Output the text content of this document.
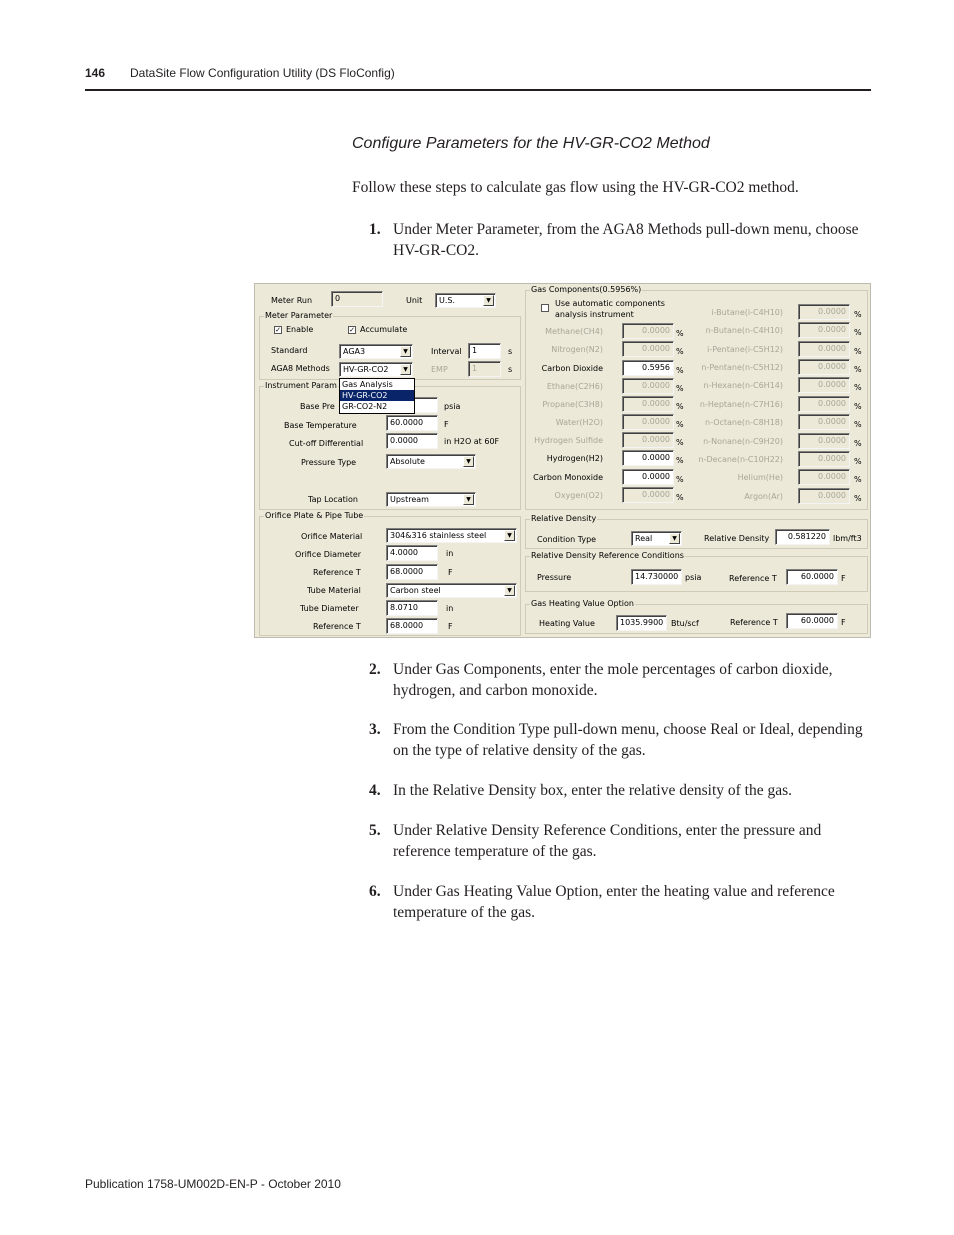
146 DataSite Flow Configuration Utility (DS FloConfig)
Configure Parameters for the HV-GR-CO2 Method
Follow these steps to calculate gas flow using the HV-GR-CO2 method.
1. Under Meter Parameter, from the AGA8 Methods pull-down menu, choose HV-GR-CO2.
Meter Run	0	Unit	U.S.	▼
Meter Parameter
✓ Enable	✓ Accumulate
Standard	AGA3	▼	Interval	1	s
AGA8 Methods	HV-GR-CO2	▼	EMP	1	s
Instrument Param
Base Pre	psia
Base Temperature	60.0000	F
Cut-off Differential	0.0000	in H2O at 60F
Pressure Type	Absolute	▼
Tap Location	Upstream	▼
Orifice Plate & Pipe Tube
Orifice Material	304&316 stainless steel	▼
Orifice Diameter	4.0000	in
Reference T	68.0000	F
Tube Material	Carbon steel	▼
Tube Diameter	8.0710	in
Reference T	68.0000	F
Gas Components(0.5956%)
Use automatic components
analysis instrument
Methane(CH4)	0.0000 %
Nitrogen(N2)	0.0000 %
Carbon Dioxide	0.5956 %
Ethane(C2H6)	0.0000 %
Propane(C3H8)	0.0000 %
Water(H2O)	0.0000 %
Hydrogen Sulfide	0.0000 %
Hydrogen(H2)	0.0000 %
Carbon Monoxide	0.0000 %
Oxygen(O2)	0.0000 %
i-Butane(i-C4H10)	0.0000	%
n-Butane(n-C4H10)	0.0000	%
i-Pentane(i-C5H12)	0.0000	%
n-Pentane(n-C5H12)	0.0000	%
n-Hexane(n-C6H14)	0.0000	%
n-Heptane(n-C7H16)	0.0000	%
n-Octane(n-C8H18)	0.0000	%
n-Nonane(n-C9H20)	0.0000	%
n-Decane(n-C10H22)	0.0000	%
Helium(He)	0.0000	%
Argon(Ar)	0.0000	%
Relative Density
Condition Type	Real	▼	Relative Density	0.581220 lbm/ft3
Relative Density Reference Conditions
Pressure	14.730000 psia	Reference T	60.0000 F
Gas Heating Value Option
Heating Value	1035.9900 Btu/scf	Reference T	60.0000 F
Gas Analysis
HV-GR-CO2
GR-CO2-N2
2. Under Gas Components, enter the mole percentages of carbon dioxide, hydrogen, and carbon monoxide.
3. From the Condition Type pull-down menu, choose Real or Ideal, depending on the type of relative density of the gas.
4. In the Relative Density box, enter the relative density of the gas.
5. Under Relative Density Reference Conditions, enter the pressure and reference temperature of the gas.
6. Under Gas Heating Value Option, enter the heating value and reference temperature of the gas.
Publication 1758-UM002D-EN-P - October 2010
